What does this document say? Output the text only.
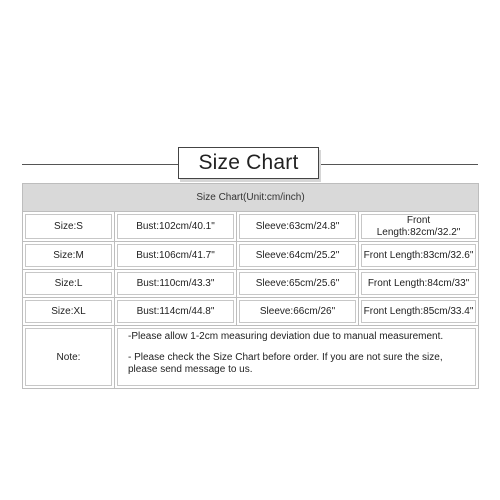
Size Chart
Size Chart(Unit:cm/inch)			

Size:S	Bust:102cm/40.1"	Sleeve:63cm/24.8"	Front Length:82cm/32.2"

Size:M	Bust:106cm/41.7"	Sleeve:64cm/25.2"	Front Length:83cm/32.6"

Size:L	Bust:110cm/43.3"	Sleeve:65cm/25.6"	Front Length:84cm/33"

Size:XL	Bust:114cm/44.8"	Sleeve:66cm/26"	Front Length:85cm/33.4"

Note:	-Please allow 1-2cm measuring deviation due to manual measurement.
- Please check the Size Chart before order. If you are not sure the size, please send message to us.		
